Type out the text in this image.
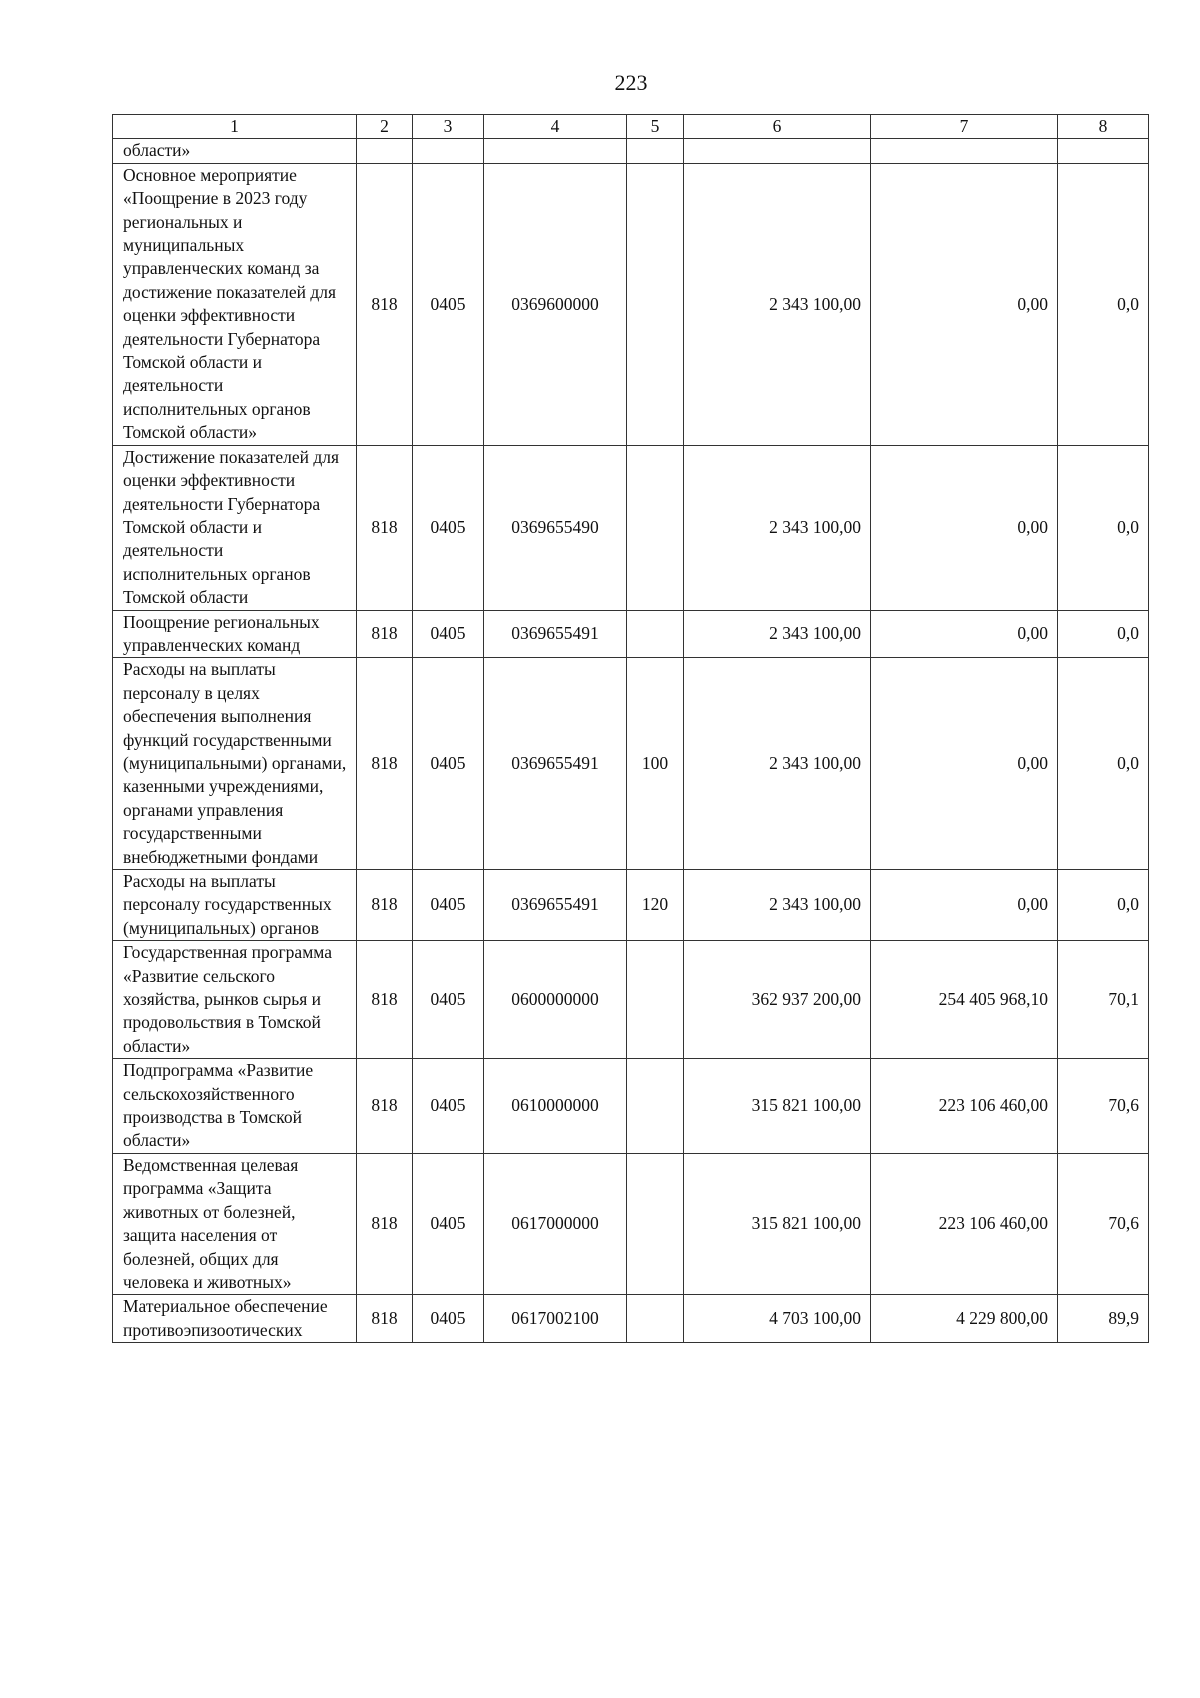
223
1	2	3	4	5	6	7	8
области»							
Основное мероприятие «Поощрение в 2023 году региональных и муниципальных управленческих команд за достижение показателей для оценки эффективности деятельности Губернатора Томской области и деятельности исполнительных органов Томской области»	818	0405	0369600000		2 343 100,00	0,00	0,0
Достижение показателей для оценки эффективности деятельности Губернатора Томской области и деятельности исполнительных органов Томской области	818	0405	0369655490		2 343 100,00	0,00	0,0
Поощрение региональных управленческих команд	818	0405	0369655491		2 343 100,00	0,00	0,0
Расходы на выплаты персоналу в целях обеспечения выполнения функций государственными (муниципальными) органами, казенными учреждениями, органами управления государственными внебюджетными фондами	818	0405	0369655491	100	2 343 100,00	0,00	0,0
Расходы на выплаты персоналу государственных (муниципальных) органов	818	0405	0369655491	120	2 343 100,00	0,00	0,0
Государственная программа «Развитие сельского хозяйства, рынков сырья и продовольствия в Томской области»	818	0405	0600000000		362 937 200,00	254 405 968,10	70,1
Подпрограмма «Развитие сельскохозяйственного производства в Томской области»	818	0405	0610000000		315 821 100,00	223 106 460,00	70,6
Ведомственная целевая программа «Защита животных от болезней, защита населения от болезней, общих для человека и животных»	818	0405	0617000000		315 821 100,00	223 106 460,00	70,6
Материальное обеспечение противоэпизоотических	818	0405	0617002100		4 703 100,00	4 229 800,00	89,9
